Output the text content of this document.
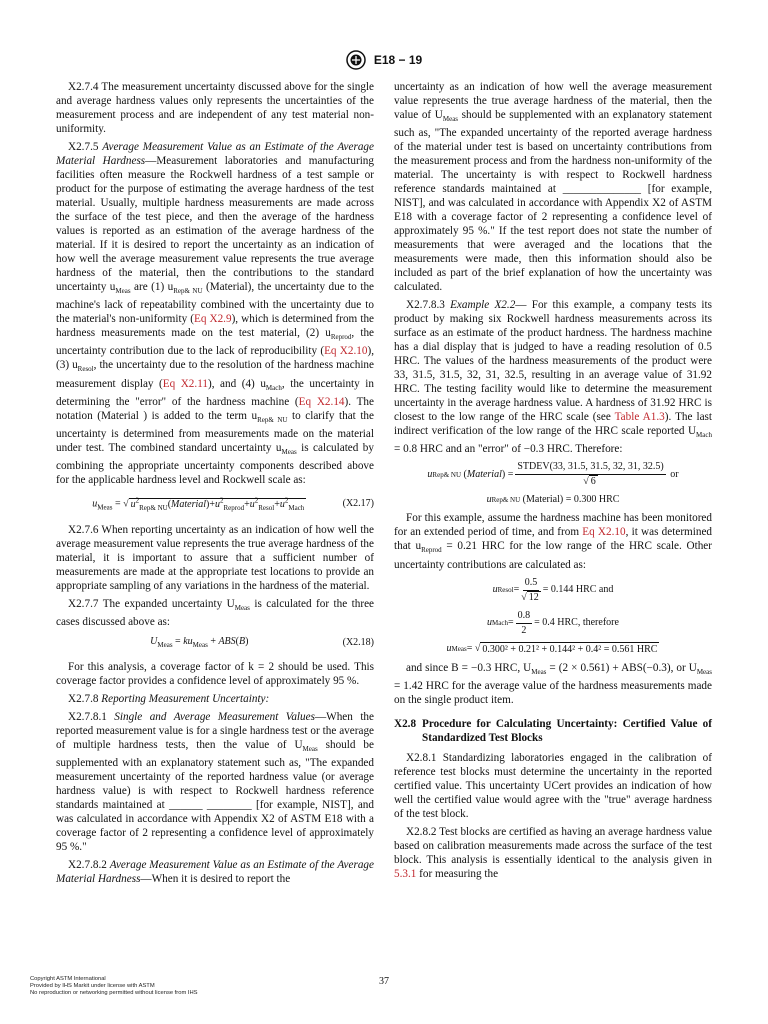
E18 − 19

X2.7.4 The measurement uncertainty discussed above for the single and average hardness values only represents the uncertainties of the measurement process and are independent of any test material non-uniformity.

X2.7.5 Average Measurement Value as an Estimate of the Average Material Hardness—Measurement laboratories and manufacturing facilities often measure the Rockwell hardness of a test sample or product for the purpose of estimating the average hardness of the test material. Usually, multiple hardness measurements are made across the surface of the test piece, and then the average of the hardness values is reported as an estimation of the average hardness of the material. If it is desired to report the uncertainty as an indication of how well the average measurement value represents the true average hardness of the material, then the contributions to the standard uncertainty $u_{Meas}$ are (1) $u_{Rep\& NU}$ (Material), the uncertainty due to the machine's lack of repeatability combined with the uncertainty due to the material's non-uniformity (Eq X2.9), which is determined from the hardness measurements made on the test material, (2) $u_{Reprod}$, the uncertainty contribution due to the lack of reproducibility (Eq X2.10), (3) $u_{Resol}$, the uncertainty due to the resolution of the hardness machine measurement display (Eq X2.11), and (4) $u_{Mach}$, the uncertainty in determining the "error" of the hardness machine (Eq X2.14). The notation (Material ) is added to the term $u_{Rep\& NU}$ to clarify that the uncertainty is determined from measurements made on the material under test. The combined standard uncertainty $u_{Meas}$ is calculated by combining the appropriate uncertainty components described above for the applicable hardness level and Rockwell scale as:

$u_{Meas}$ = √ $u^2_{Rep\& NU}(Material)+u^2_{Reprod}+u^2_{Resol}+u^2_{Mach}$	(X2.17)

X2.7.6 When reporting uncertainty as an indication of how well the average measurement value represents the true average hardness of the material, it is important to assure that a sufficient number of measurements are made at the appropriate test locations to provide an appropriate sampling of any variations in the hardness of the material.

X2.7.7 The expanded uncertainty $U_{Meas}$ is calculated for the three cases discussed above as:

$U_{Meas} = ku_{Meas} + ABS(B)$	(X2.18)

For this analysis, a coverage factor of k = 2 should be used. This coverage factor provides a confidence level of approximately 95 %.

X2.7.8 Reporting Measurement Uncertainty:

X2.7.8.1 Single and Average Measurement Values—When the reported measurement value is for a single hardness test or the average of multiple hardness tests, then the value of $U_{Meas}$ should be supplemented with an explanatory statement such as, "The expanded measurement uncertainty of the reported hardness value (or average hardness value) is with respect to Rockwell hardness reference standards maintained at ______ ________ [for example, NIST], and was calculated in accordance with Appendix X2 of ASTM E18 with a coverage factor of 2 representing a confidence level of approximately 95 %."

X2.7.8.2 Average Measurement Value as an Estimate of the Average Material Hardness—When it is desired to report the

uncertainty as an indication of how well the average measurement value represents the true average hardness of the material, then the value of $U_{Meas}$ should be supplemented with an explanatory statement such as, "The expanded uncertainty of the reported average hardness of the material under test is based on uncertainty contributions from the measurement process and from the hardness non-uniformity of the material. The uncertainty is with respect to Rockwell hardness reference standards maintained at ______________ [for example, NIST], and was calculated in accordance with Appendix X2 of ASTM E18 with a coverage factor of 2 representing a confidence level of approximately 95 %." If the test report does not state the number of measurements that were averaged and the locations that the measurements were made, then this information should also be included as part of the brief explanation of how the uncertainty was calculated.

X2.7.8.3 Example X2.2— For this example, a company tests its product by making six Rockwell hardness measurements across its surface as an estimate of the product hardness. The hardness machine has a dial display that is judged to have a reading resolution of 0.5 HRC. The values of the hardness measurements of the product were 33, 31.5, 31.5, 32, 31, 32.5, resulting in an average value of 31.92 HRC. The testing facility would like to determine the measurement uncertainty in the average hardness value. A hardness of 31.92 HRC is closest to the low range of the HRC scale (see Table A1.3). The last indirect verification of the low range of the HRC scale reported $U_{Mach} = 0.8$ HRC and an "error" of −0.3 HRC. Therefore:

u Rep& NU ( Material ) = $\frac{\text{STDEV(33, 31.5, 31.5, 32, 31, 32.5)}}{√ 6}$
or
u Rep& NU
(Material) = 0.300 HRC

For this example, assume the hardness machine has been monitored for an extended period of time, and from Eq X2.10, it was determined that $u_{Reprod} = 0.21$ HRC for the low range of the HRC scale. Other uncertainty contributions are calculated as:

u Resol = $\frac{0.5}{√ 12} = 0.144$ HRC and
u Mach = $\frac{0.8}{2} = 0.4$ HRC, therefore
u Meas = √ 0.300² + 0.21² + 0.144² + 0.4² = 0.561 HRC

and since B = −0.3 HRC, $U_{Meas} = (2 \times 0.561) + ABS(-0.3)$, or $U_{Meas} = 1.42$ HRC for the average value of the hardness measurements made on the single product item.

X2.8 Procedure for Calculating Uncertainty: Certified Value of Standardized Test Blocks

X2.8.1 Standardizing laboratories engaged in the calibration of reference test blocks must determine the uncertainty in the reported certified value. This uncertainty UCert provides an indication of how well the certified value would agree with the "true" average hardness of the test block.

X2.8.2 Test blocks are certified as having an average hardness value based on calibration measurements made across the surface of the test block. This analysis is essentially identical to the analysis given in 5.3.1 for measuring the

Copyright ASTM International
Provided by IHS Markit under license with ASTM
No reproduction or networking permitted without license from IHS
37
